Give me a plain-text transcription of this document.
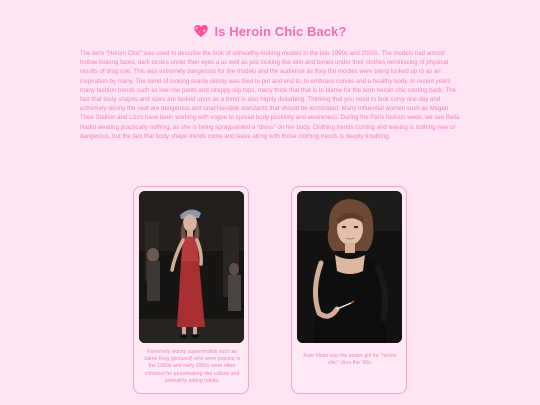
Is Heroin Chic Back?

The term “Heroin Chic” was used to describe the look of unhealthy-looking models in the late 1990s and 2000s. The models had almost hollow looking faces, dark circles under their eyes a as well as just looking like skin and bones under their clothes reminiscing of physical results of drug use. This was extremely dangerous for the models and the audience as they the models were being looked up to as an inspiration by many. The trend of looking scarily skinny was tried to put and end to, to embrace curves and a healthy body. In recent years many fashion trends such as low-rise pants and strappy slip tops, many think that that is to blame for the term heroin chic coming back. The fact that body shapes and sizes are looked upon as a trend is also highly disturbing. Thinking that you need to look curvy one day and extremely skinny the next are dangerous and unachievable standards that should be terminated. Many influential women such as Megan Thee Stallion and Lizzo have been working with vogue to spread body positivity and awareness. During the Paris fashion week, we see Bella Hadid wearing practically nothing, as she is being spraypainted a “dress” on her body. Clothing trends coming and leaving is nothing new or dangerous, but the fact that body shape trends come and leave along with those clothing trends is deeply troubling.

Extremely skinny supermodels such as Jaime King (pictured) who were popular in the 1990s and early 2000s were often criticized for perpetuating diet culture and unhealthy eating habits.
Kate Moss was the poster girl for “heroin chic” circa the ’90s.
